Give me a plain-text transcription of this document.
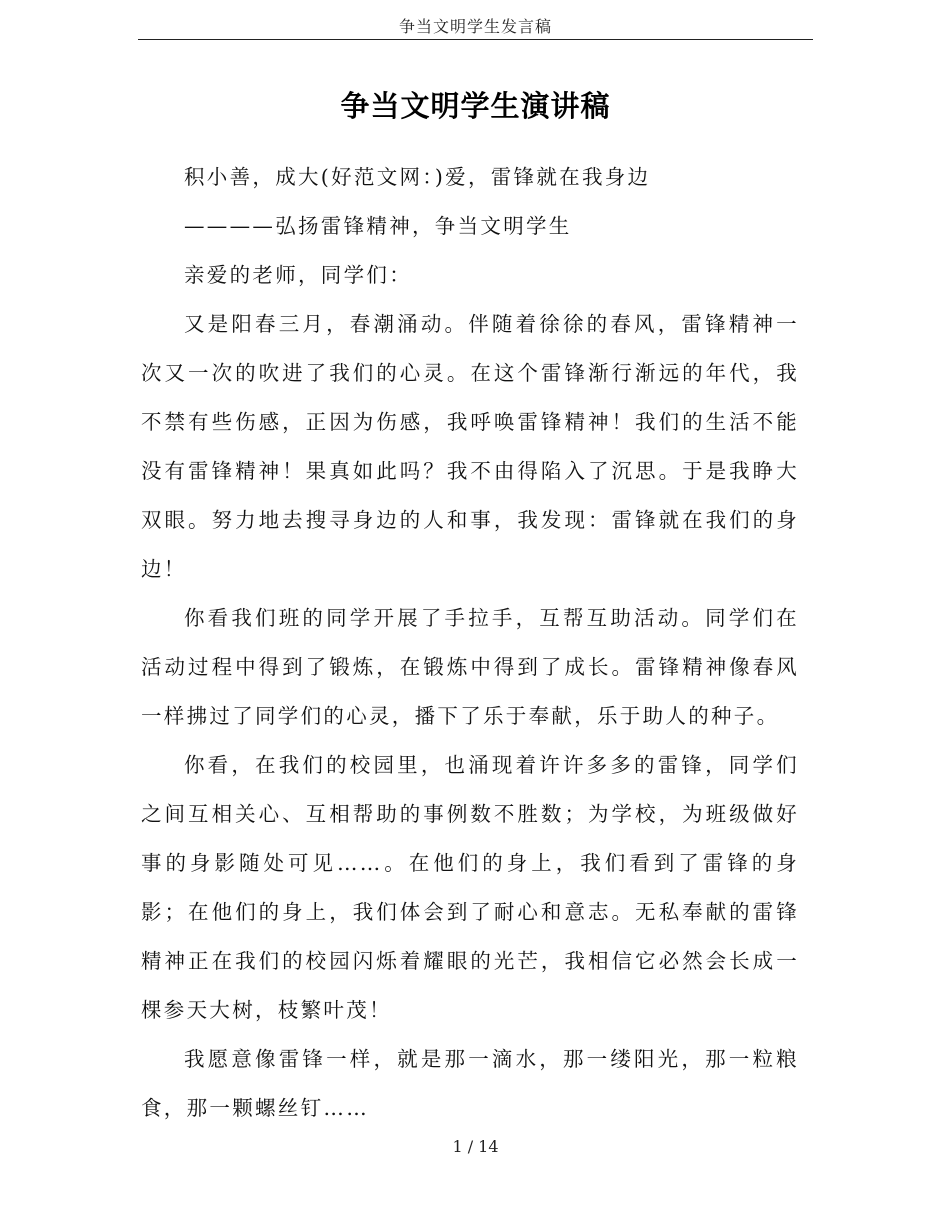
争当文明学生发言稿
争当文明学生演讲稿

积小善，成大(好范文网：)爱，雷锋就在我身边

————弘扬雷锋精神，争当文明学生

亲爱的老师，同学们：

又是阳春三月，春潮涌动。伴随着徐徐的春风，雷锋精神一次又一次的吹进了我们的心灵。在这个雷锋渐行渐远的年代，我不禁有些伤感，正因为伤感，我呼唤雷锋精神！我们的生活不能没有雷锋精神！果真如此吗？我不由得陷入了沉思。于是我睁大双眼。努力地去搜寻身边的人和事，我发现：雷锋就在我们的身边！

你看我们班的同学开展了手拉手，互帮互助活动。同学们在活动过程中得到了锻炼，在锻炼中得到了成长。雷锋精神像春风一样拂过了同学们的心灵，播下了乐于奉献，乐于助人的种子。

你看，在我们的校园里，也涌现着许许多多的雷锋，同学们之间互相关心、互相帮助的事例数不胜数；为学校，为班级做好事的身影随处可见……。在他们的身上，我们看到了雷锋的身影；在他们的身上，我们体会到了耐心和意志。无私奉献的雷锋精神正在我们的校园闪烁着耀眼的光芒，我相信它必然会长成一棵参天大树，枝繁叶茂！

我愿意像雷锋一样，就是那一滴水，那一缕阳光，那一粒粮食，那一颗螺丝钉……

1 / 14
